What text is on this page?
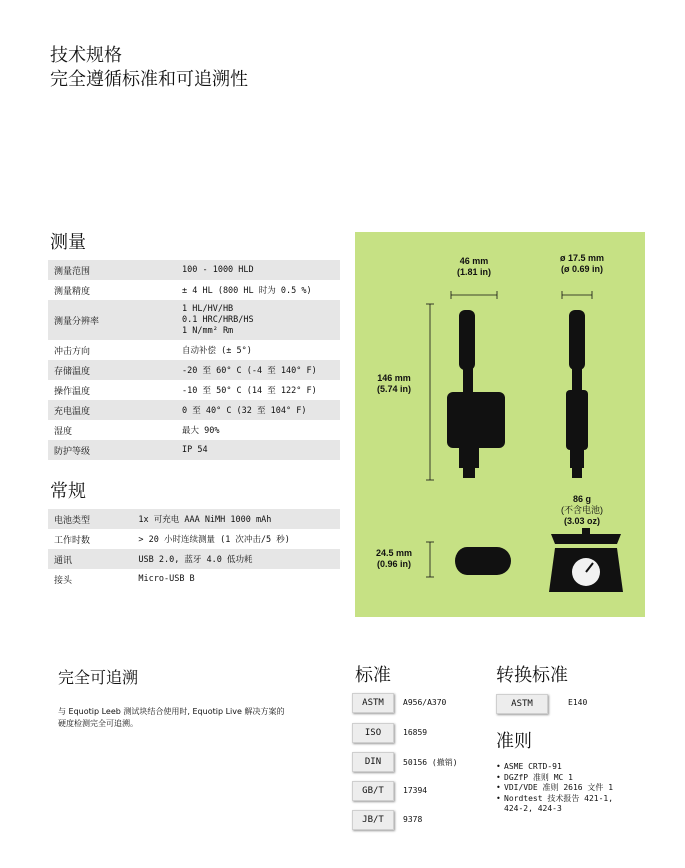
技术规格
完全遵循标准和可追溯性
测量
测量范围	100 - 1000 HLD
测量精度	± 4 HL (800 HL 时为 0.5 %)
测量分辨率	1 HL/HV/HB
0.1 HRC/HRB/HS
1 N/mm² Rm

冲击方向	自动补偿 (± 5°)
存储温度	-20 至 60° C (-4 至 140° F)
操作温度	-10 至 50° C (14 至 122° F)
充电温度	0 至 40° C (32 至 104° F)
湿度	最大 90%
防护等级	IP 54
常规
电池类型	1x 可充电 AAA NiMH 1000 mAh
工作时数	> 20 小时连续测量 (1 次冲击/5 秒)
通讯	USB 2.0, 蓝牙 4.0 低功耗
接头	Micro-USB B
46 mm
(1.81 in)
ø 17.5 mm
(ø 0.69 in)
146 mm
(5.74 in)
86 g
(不含电池)
(3.03 oz)
24.5 mm
(0.96 in)
完全可追溯
与 Equotip Leeb 测试块结合使用时, Equotip Live 解决方案的
硬度检测完全可追溯。
标准
ASTM	A956/A370
ISO	16859
DIN	50156 (撤销)
GB/T	17394
JB/T	9378
转换标准
ASTM	E140
准则
• ASME CRTD-91
• DGZfP 准则 MC 1
• VDI/VDE 准则 2616 文件 1
• Nordtest 技术报告 421-1,
424-2, 424-3
